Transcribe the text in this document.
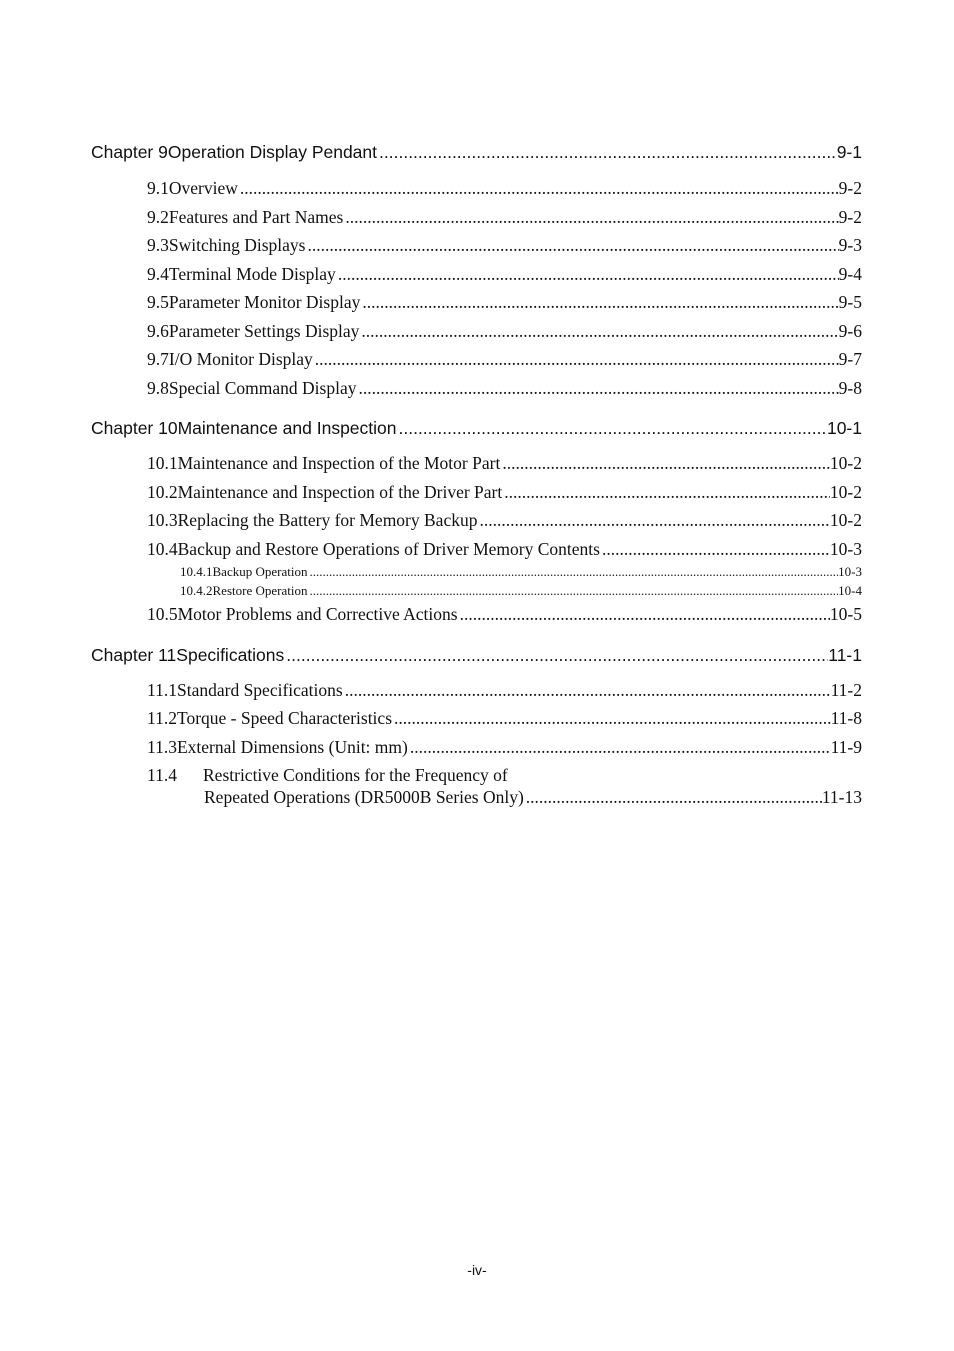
Chapter 9 Operation Display Pendant .....	9-1
9.1 Overview .....	9-2
9.2 Features and Part Names .....	9-2
9.3 Switching Displays .....	9-3
9.4 Terminal Mode Display .....	9-4
9.5 Parameter Monitor Display .....	9-5
9.6 Parameter Settings Display .....	9-6
9.7 I/O Monitor Display .....	9-7
9.8 Special Command Display .....	9-8
Chapter 10 Maintenance and Inspection .....	10-1
10.1 Maintenance and Inspection of the Motor Part .....	10-2
10.2 Maintenance and Inspection of the Driver Part .....	10-2
10.3 Replacing the Battery for Memory Backup .....	10-2
10.4 Backup and Restore Operations of Driver Memory Contents .....	10-3
10.4.1 Backup Operation .....	10-3
10.4.2 Restore Operation .....	10-4
10.5 Motor Problems and Corrective Actions .....	10-5
Chapter 11 Specifications .....	11-1
11.1 Standard Specifications .....	11-2
11.2 Torque - Speed Characteristics .....	11-8
11.3 External Dimensions (Unit: mm) .....	11-9
11.4	Restrictive Conditions for the Frequency of
Repeated Operations (DR5000B Series Only) .....	11-13
-iv-
